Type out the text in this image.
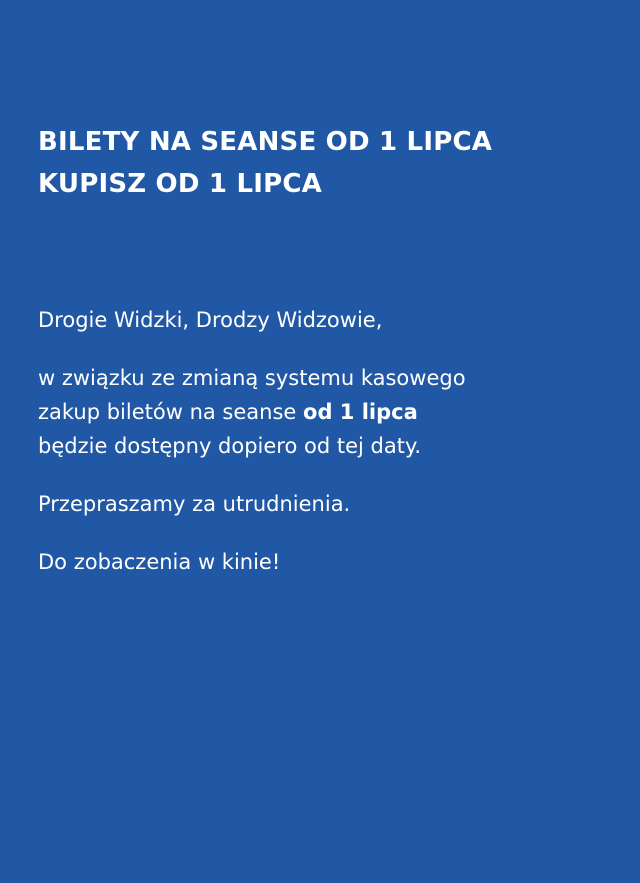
BILETY NA SEANSE OD 1 LIPCA
KUPISZ OD 1 LIPCA

Drogie Widzki, Drodzy Widzowie,

w związku ze zmianą systemu kasowego
zakup biletów na seanse od 1 lipca
będzie dostępny dopiero od tej daty.

Przepraszamy za utrudnienia.

Do zobaczenia w kinie!
